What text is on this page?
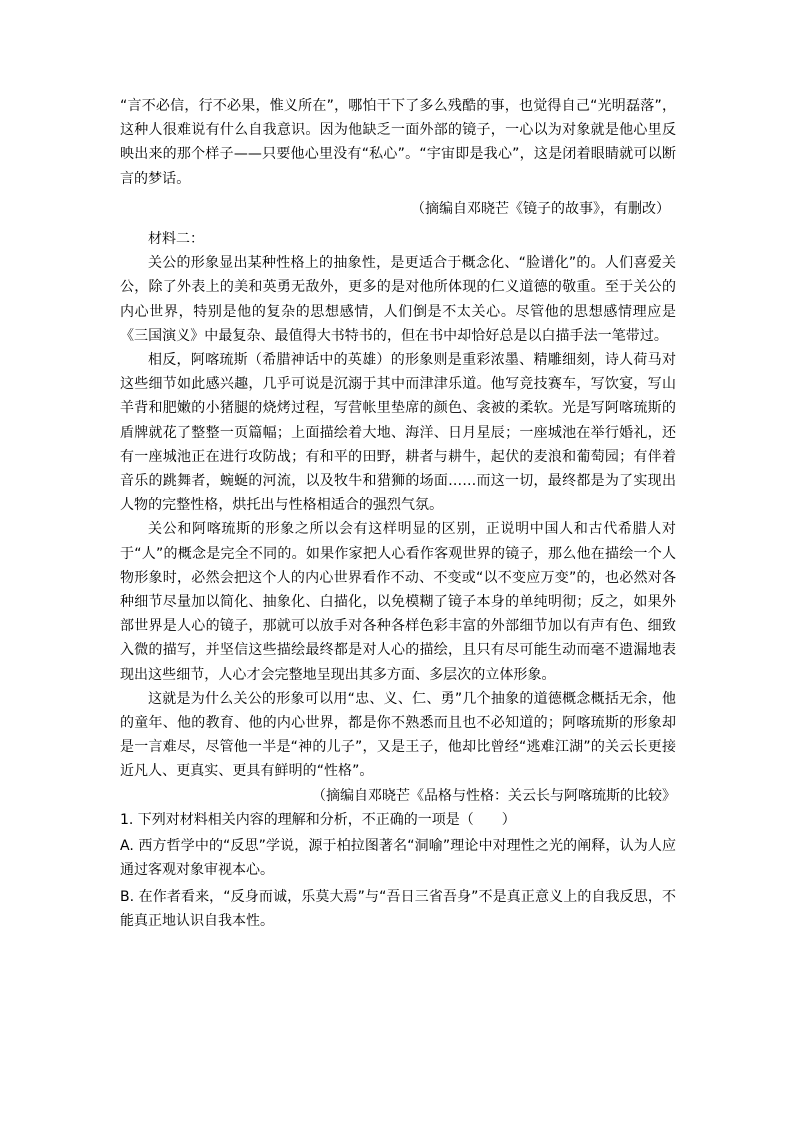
“言不必信，行不必果，惟义所在”，哪怕干下了多么残酷的事，也觉得自己“光明磊落”，这种人很难说有什么自我意识。因为他缺乏一面外部的镜子，一心以为对象就是他心里反映出来的那个样子——只要他心里没有“私心”。“宇宙即是我心”，这是闭着眼睛就可以断言的梦话。

（摘编自邓晓芒《镜子的故事》，有删改）

材料二：

关公的形象显出某种性格上的抽象性，是更适合于概念化、“脸谱化”的。人们喜爱关公，除了外表上的美和英勇无敌外，更多的是对他所体现的仁义道德的敬重。至于关公的内心世界，特别是他的复杂的思想感情，人们倒是不太关心。尽管他的思想感情理应是《三国演义》中最复杂、最值得大书特书的，但在书中却恰好总是以白描手法一笔带过。

相反，阿喀琉斯（希腊神话中的英雄）的形象则是重彩浓墨、精雕细刻，诗人荷马对这些细节如此感兴趣，几乎可说是沉溺于其中而津津乐道。他写竞技赛车，写饮宴，写山羊背和肥嫩的小猪腿的烧烤过程，写营帐里垫席的颜色、衾被的柔软。光是写阿喀琉斯的盾牌就花了整整一页篇幅；上面描绘着大地、海洋、日月星辰；一座城池在举行婚礼，还有一座城池正在进行攻防战；有和平的田野，耕者与耕牛，起伏的麦浪和葡萄园；有伴着音乐的跳舞者，蜿蜒的河流，以及牧牛和猎狮的场面……而这一切，最终都是为了实现出人物的完整性格，烘托出与性格相适合的强烈气氛。

关公和阿喀琉斯的形象之所以会有这样明显的区别，正说明中国人和古代希腊人对于“人”的概念是完全不同的。如果作家把人心看作客观世界的镜子，那么他在描绘一个人物形象时，必然会把这个人的内心世界看作不动、不变或“以不变应万变”的，也必然对各种细节尽量加以简化、抽象化、白描化，以免模糊了镜子本身的单纯明彻；反之，如果外部世界是人心的镜子，那就可以放手对各种各样色彩丰富的外部细节加以有声有色、细致入微的描写，并坚信这些描绘最终都是对人心的描绘，且只有尽可能生动而毫不遗漏地表现出这些细节，人心才会完整地呈现出其多方面、多层次的立体形象。

这就是为什么关公的形象可以用“忠、义、仁、勇”几个抽象的道德概念概括无余，他的童年、他的教育、他的内心世界，都是你不熟悉而且也不必知道的；阿喀琉斯的形象却是一言难尽，尽管他一半是“神的儿子”，又是王子，他却比曾经“逃难江湖”的关云长更接近凡人、更真实、更具有鲜明的“性格”。

（摘编自邓晓芒《品格与性格：关云长与阿喀琉斯的比较》

1. 下列对材料相关内容的理解和分析，不正确的一项是（　　）

A. 西方哲学中的“反思”学说，源于柏拉图著名“洞喻”理论中对理性之光的阐释，认为人应通过客观对象审视本心。

B. 在作者看来，“反身而诚，乐莫大焉”与“吾日三省吾身”不是真正意义上的自我反思，不能真正地认识自我本性。
